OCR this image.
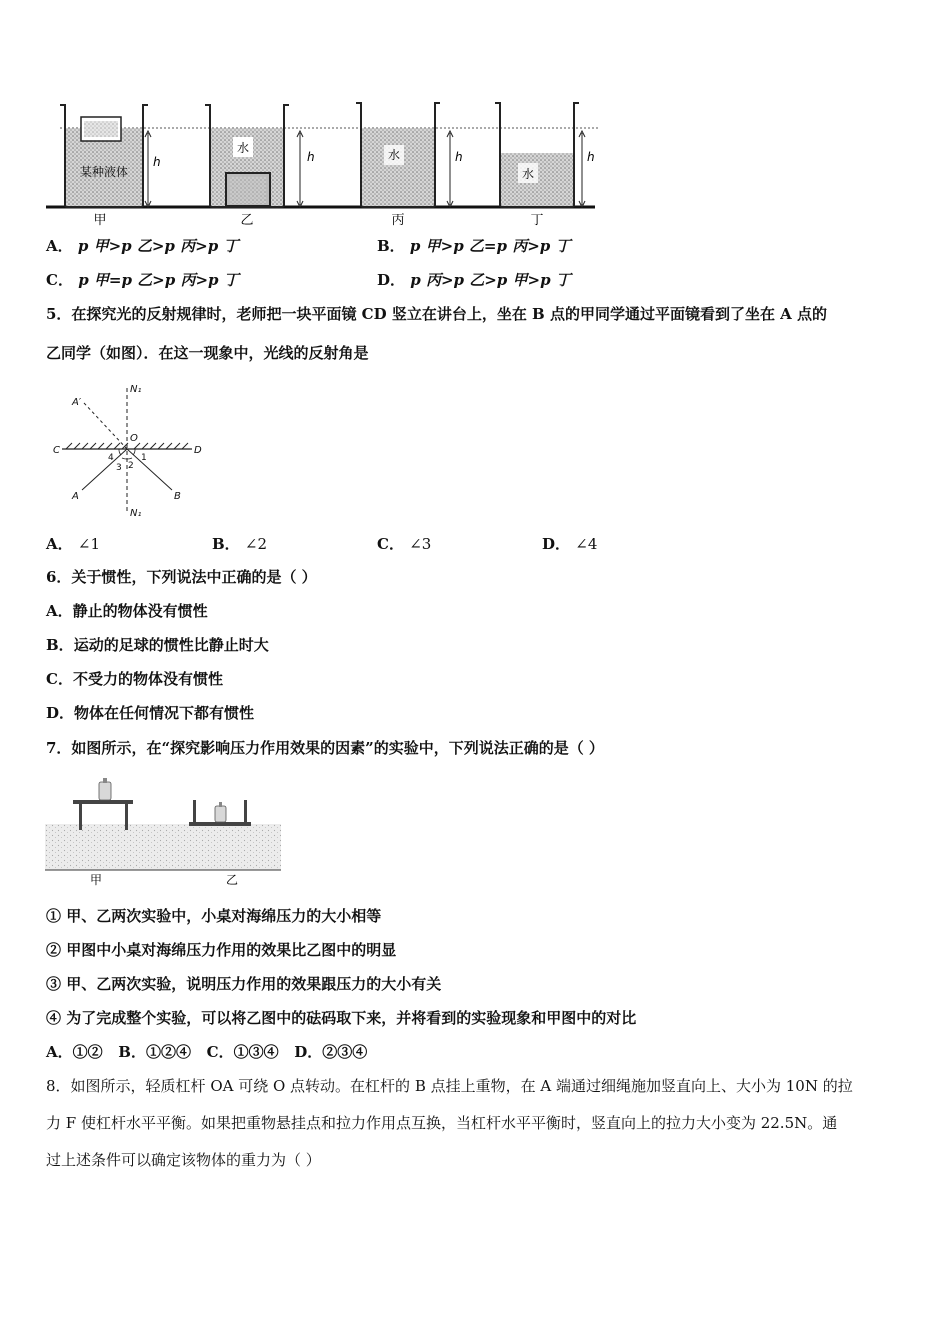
某种液体
h
水
h	水	h
水
h
甲	乙	丙	丁
A． p 甲>p 乙>p 丙>p 丁	B． p 甲>p 乙=p 丙>p 丁
C． p 甲=p 乙>p 丙>p 丁	D． p 丙>p 乙>p 甲>p 丁
5．在探究光的反射规律时，老师把一块平面镜 CD 竖立在讲台上，坐在 B 点的甲同学通过平面镜看到了坐在 A 点的
乙同学（如图）．在这一现象中，光线的反射角是
N₁
A′
O
C	D
A	B
N₁
4	1
3 2
A． ∠1	B． ∠2	C． ∠3	D． ∠4
6．关于惯性，下列说法中正确的是（ ）
A．静止的物体没有惯性
B．运动的足球的惯性比静止时大
C．不受力的物体没有惯性
D．物体在任何情况下都有惯性
7．如图所示，在“探究影响压力作用效果的因素”的实验中，下列说法正确的是（ ）
甲	乙
① 甲、乙两次实验中，小桌对海绵压力的大小相等
② 甲图中小桌对海绵压力作用的效果比乙图中的明显
③ 甲、乙两次实验，说明压力作用的效果跟压力的大小有关
④ 为了完成整个实验，可以将乙图中的砝码取下来，并将看到的实验现象和甲图中的对比
A．①②   B．①②④   C．①③④   D．②③④
8．如图所示，轻质杠杆 OA 可绕 O 点转动。在杠杆的 B 点挂上重物，在 A 端通过细绳施加竖直向上、大小为 10N 的拉
力 F 使杠杆水平平衡。如果把重物悬挂点和拉力作用点互换，当杠杆水平平衡时，竖直向上的拉力大小变为 22.5N。通
过上述条件可以确定该物体的重力为（ ）
